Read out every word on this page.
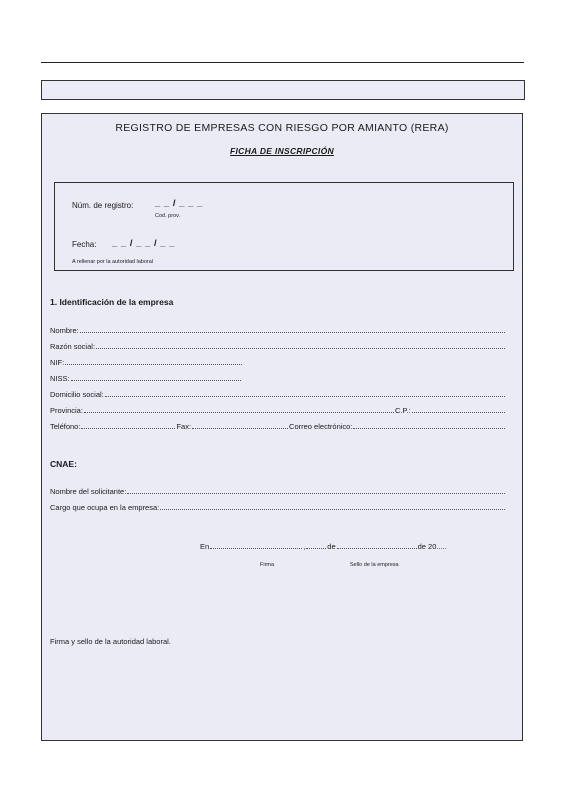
REGISTRO DE EMPRESAS CON RIESGO POR AMIANTO (RERA)
FICHA DE INSCRIPCIÓN
Núm. de registro: _ _ / _ _ _
Cod. prov.
Fecha: _ _ / _ _ / _ _
A rellenar por la autoridad laboral
1. Identificación de la empresa
Nombre:
Razón social:
NIF:
NISS:
Domicilio social:
Provincia:	C.P.:
Teléfono:	Fax:	Correo electrónico:
CNAE:
Nombre del solicitante:
Cargo que ocupa en la empresa:
En	,	de	de 20.....
Firma	Sello de la empresa
Firma y sello de la autoridad laboral.
